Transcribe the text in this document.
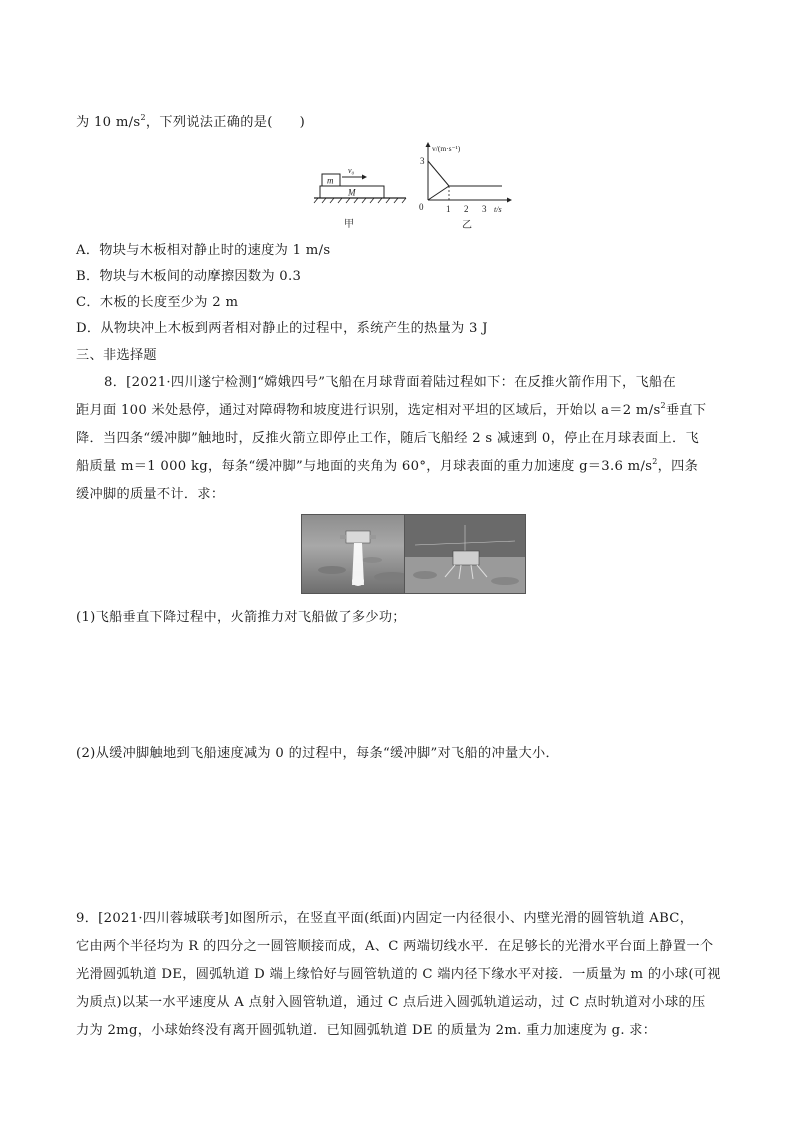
为 10 $m/s^2$，下列说法正确的是(　　)
v₀
m
M
甲
v/(m·s⁻¹)
3
0	1 2 3 t/s
乙
A．物块与木板相对静止时的速度为 1 m/s
B．物块与木板间的动摩擦因数为 0.3
C．木板的长度至少为 2 m
D．从物块冲上木板到两者相对静止的过程中，系统产生的热量为 3 J
三、非选择题
8．[2021·四川遂宁检测]“嫦娥四号”飞船在月球背面着陆过程如下：在反推火箭作用下，飞船在
距月面 100 米处悬停，通过对障碍物和坡度进行识别，选定相对平坦的区域后，开始以 a＝2 $m/s^2$垂直下
降．当四条“缓冲脚”触地时，反推火箭立即停止工作，随后飞船经 2 s 减速到 0，停止在月球表面上．飞
船质量 m＝1 000 kg，每条“缓冲脚”与地面的夹角为 60°，月球表面的重力加速度 g＝3.6 $m/s^2$，四条
缓冲脚的质量不计．求：
(1)飞船垂直下降过程中，火箭推力对飞船做了多少功；
(2)从缓冲脚触地到飞船速度减为 0 的过程中，每条“缓冲脚”对飞船的冲量大小．
9．[2021·四川蓉城联考]如图所示，在竖直平面(纸面)内固定一内径很小、内壁光滑的圆管轨道 ABC，
它由两个半径均为 R 的四分之一圆管顺接而成，A、C 两端切线水平．在足够长的光滑水平台面上静置一个
光滑圆弧轨道 DE，圆弧轨道 D 端上缘恰好与圆管轨道的 C 端内径下缘水平对接．一质量为 m 的小球(可视
为质点)以某一水平速度从 A 点射入圆管轨道，通过 C 点后进入圆弧轨道运动，过 C 点时轨道对小球的压
力为 2mg，小球始终没有离开圆弧轨道．已知圆弧轨道 DE 的质量为 2m. 重力加速度为 g. 求：
